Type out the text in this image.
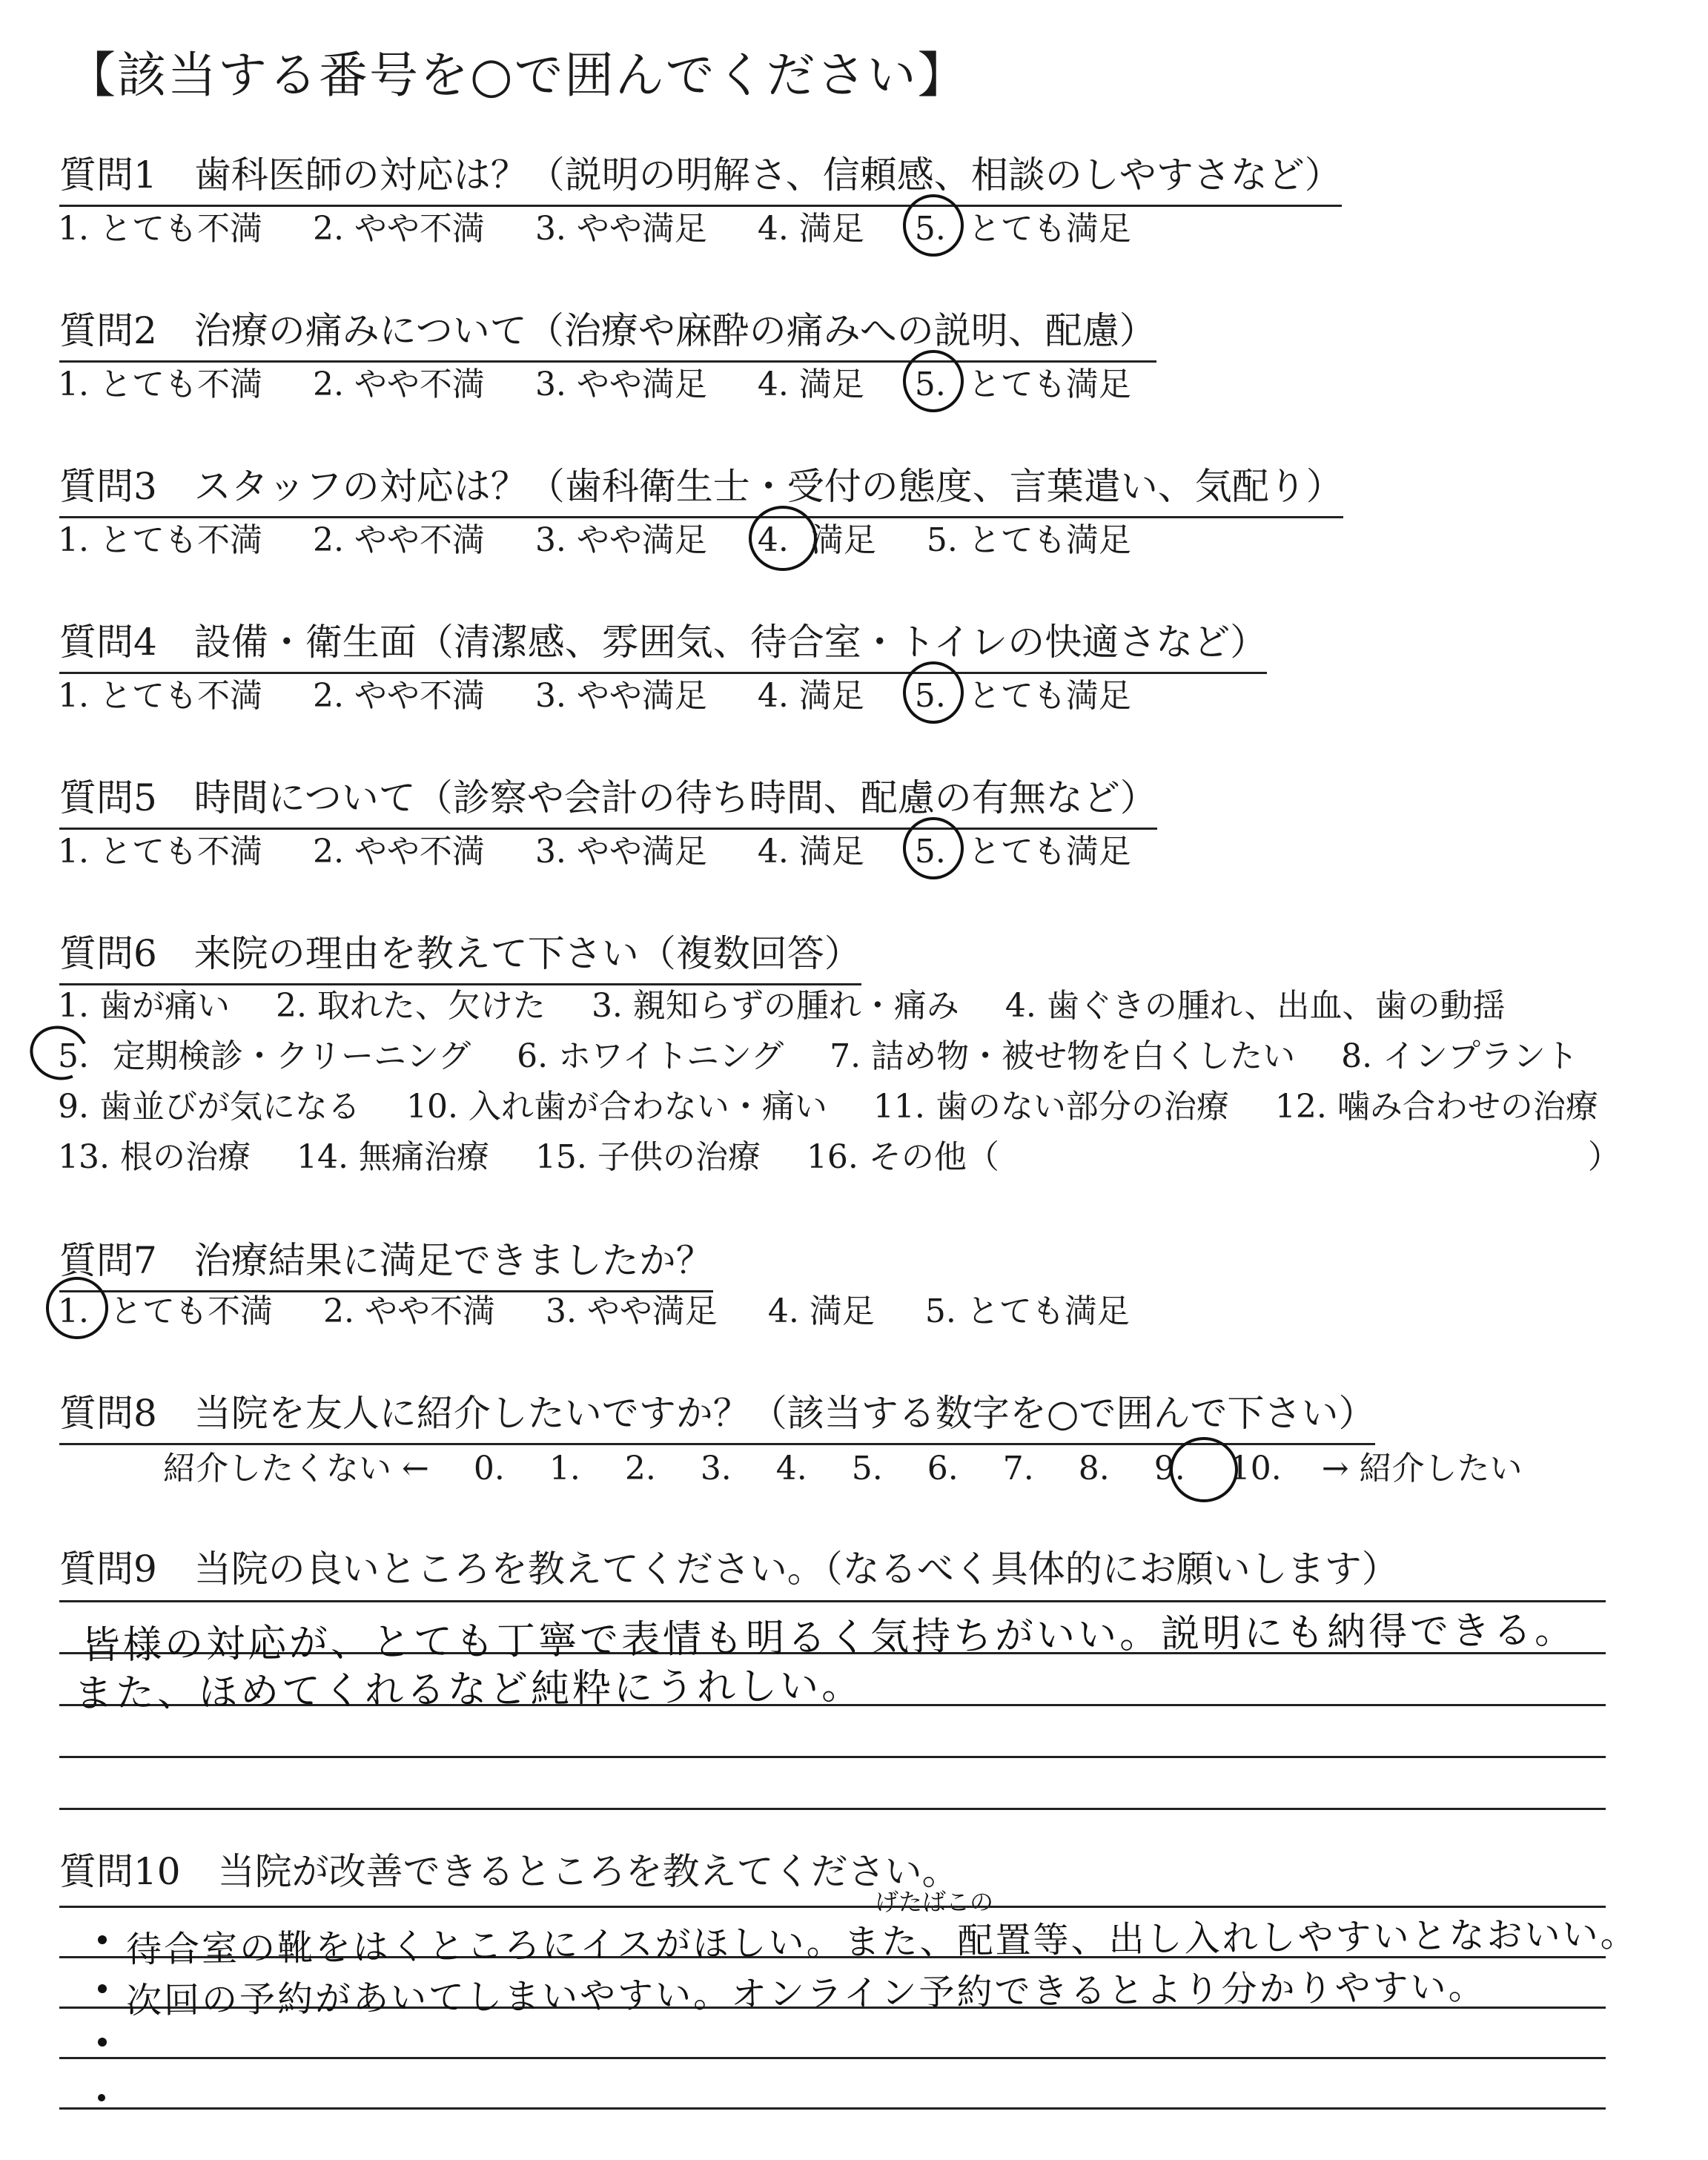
【該当する番号を○で囲んでください】
質問1　歯科医師の対応は？（説明の明解さ、信頼感、相談のしやすさなど）
1. とても不満 2. やや不満 3. やや満足 4. 満足 5. とても満足
質問2　治療の痛みについて（治療や麻酔の痛みへの説明、配慮）
1. とても不満 2. やや不満 3. やや満足 4. 満足 5. とても満足
質問3　スタッフの対応は？（歯科衛生士・受付の態度、言葉遣い、気配り）
1. とても不満 2. やや不満 3. やや満足 4. 満足 5. とても満足
質問4　設備・衛生面（清潔感、雰囲気、待合室・トイレの快適さなど）
1. とても不満 2. やや不満 3. やや満足 4. 満足 5. とても満足
質問5　時間について（診察や会計の待ち時間、配慮の有無など）
1. とても不満 2. やや不満 3. やや満足 4. 満足 5. とても満足
質問6　来院の理由を教えて下さい（複数回答）
1. 歯が痛い 2. 取れた、欠けた 3. 親知らずの腫れ・痛み 4. 歯ぐきの腫れ、出血、歯の動揺
5. 定期検診・クリーニング 6. ホワイトニング 7. 詰め物・被せ物を白くしたい 8. インプラント
9. 歯並びが気になる 10. 入れ歯が合わない・痛い 11. 歯のない部分の治療 12. 噛み合わせの治療
13. 根の治療 14. 無痛治療 15. 子供の治療 16. その他（	）
質問7　治療結果に満足できましたか？
1. とても不満 2. やや不満 3. やや満足 4. 満足 5. とても満足
質問8　当院を友人に紹介したいですか？（該当する数字を○で囲んで下さい）
紹介したくない ← 0. 1. 2. 3. 4. 5. 6. 7. 8. 9. 10. → 紹介したい
質問9　当院の良いところを教えてください。（なるべく具体的にお願いします）
皆様の対応が、とても丁寧で表情も明るく気持ちがいい。説明にも納得できる。
また、ほめてくれるなど純粋にうれしい。
質問10　当院が改善できるところを教えてください。
げたばこの
待合室の靴をはくところにイスがほしい。また、配置等、出し入れしやすいとなおいい。
次回の予約があいてしまいやすい。オンライン予約できるとより分かりやすい。
